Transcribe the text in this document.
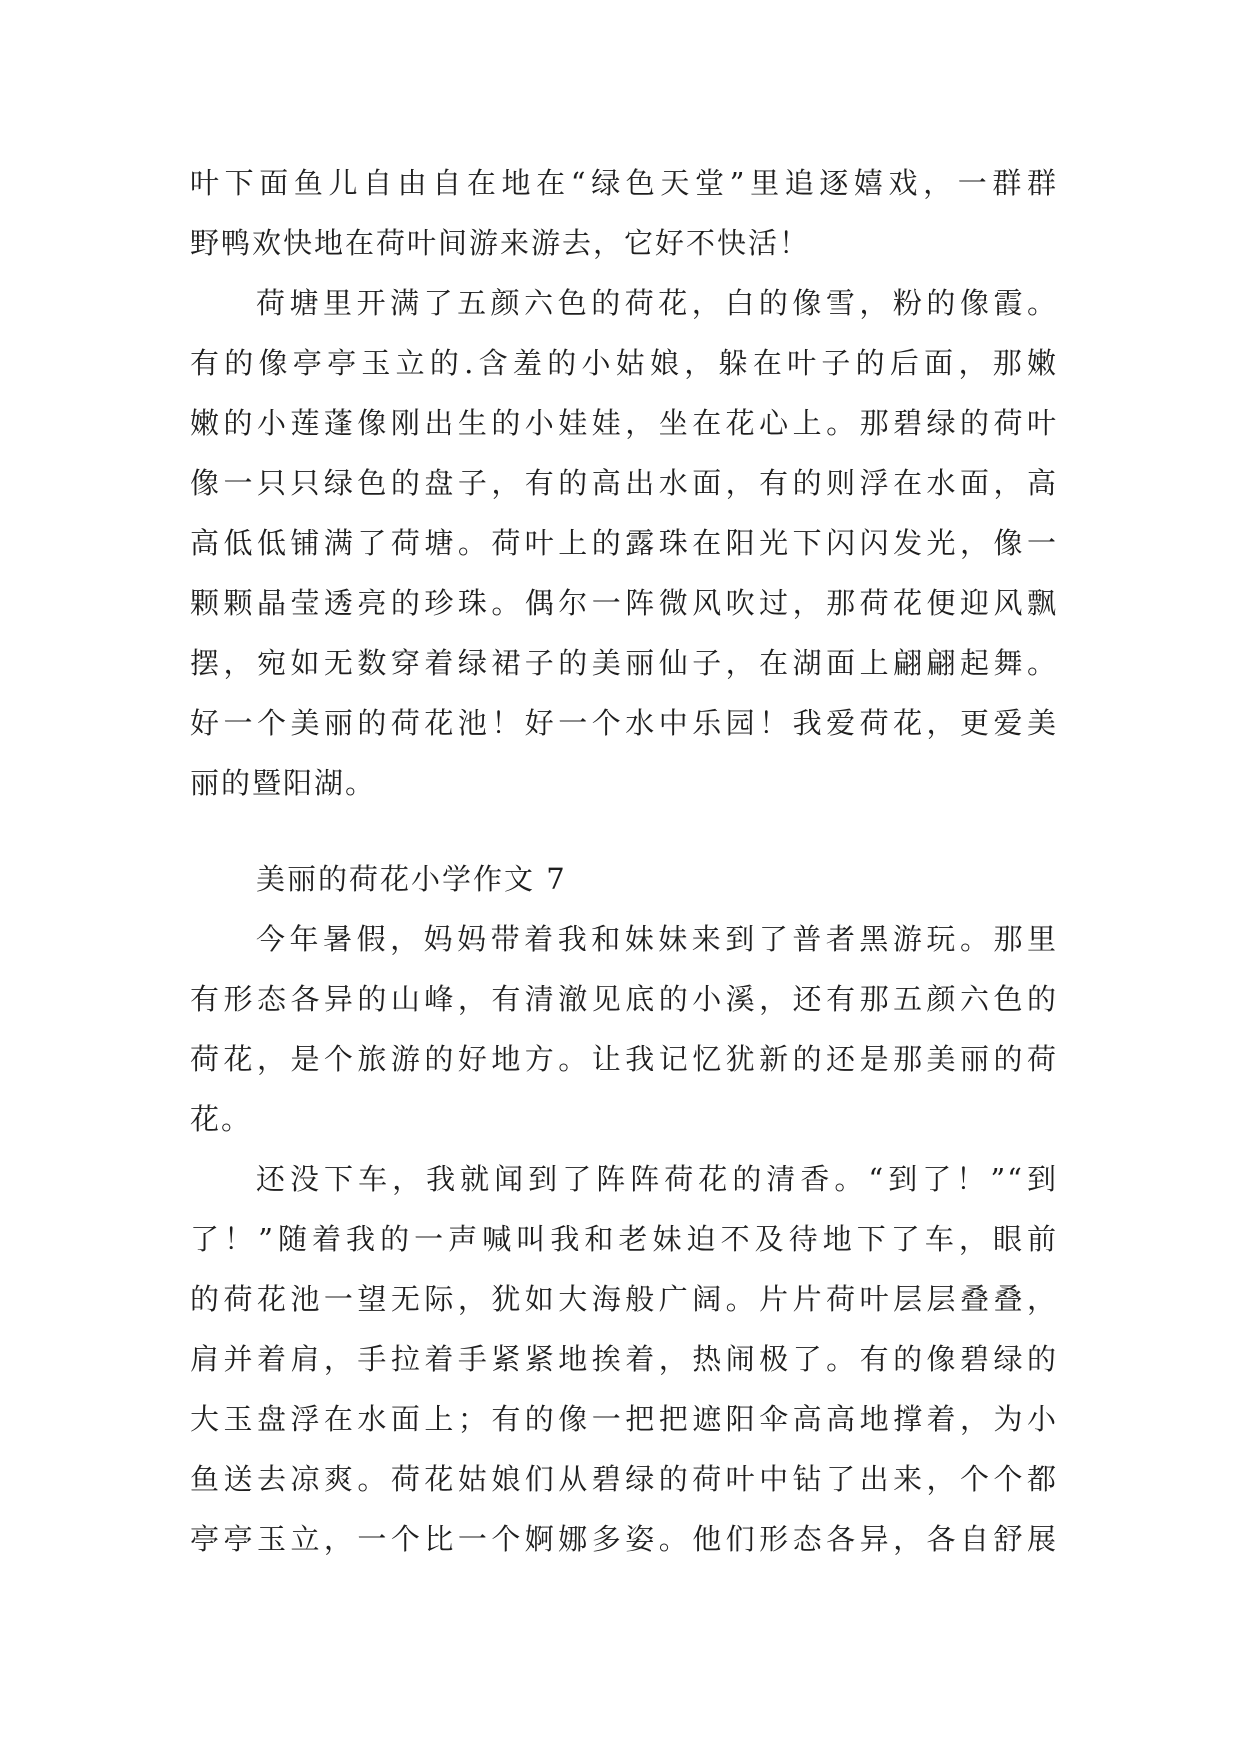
叶下面鱼儿自由自在地在“绿色天堂”里追逐嬉戏，一群群
野鸭欢快地在荷叶间游来游去，它好不快活！
荷塘里开满了五颜六色的荷花，白的像雪，粉的像霞。
有的像亭亭玉立的.含羞的小姑娘，躲在叶子的后面，那嫩
嫩的小莲蓬像刚出生的小娃娃，坐在花心上。那碧绿的荷叶
像一只只绿色的盘子，有的高出水面，有的则浮在水面，高
高低低铺满了荷塘。荷叶上的露珠在阳光下闪闪发光，像一
颗颗晶莹透亮的珍珠。偶尔一阵微风吹过，那荷花便迎风飘
摆，宛如无数穿着绿裙子的美丽仙子，在湖面上翩翩起舞。
好一个美丽的荷花池！好一个水中乐园！我爱荷花，更爱美
丽的暨阳湖。
美丽的荷花小学作文 7
今年暑假，妈妈带着我和妹妹来到了普者黑游玩。那里
有形态各异的山峰，有清澈见底的小溪，还有那五颜六色的
荷花，是个旅游的好地方。让我记忆犹新的还是那美丽的荷
花。
还没下车，我就闻到了阵阵荷花的清香。“到了！”“到
了！”随着我的一声喊叫我和老妹迫不及待地下了车，眼前
的荷花池一望无际，犹如大海般广阔。片片荷叶层层叠叠，
肩并着肩，手拉着手紧紧地挨着，热闹极了。有的像碧绿的
大玉盘浮在水面上；有的像一把把遮阳伞高高地撑着，为小
鱼送去凉爽。荷花姑娘们从碧绿的荷叶中钻了出来，个个都
亭亭玉立，一个比一个婀娜多姿。他们形态各异，各自舒展
